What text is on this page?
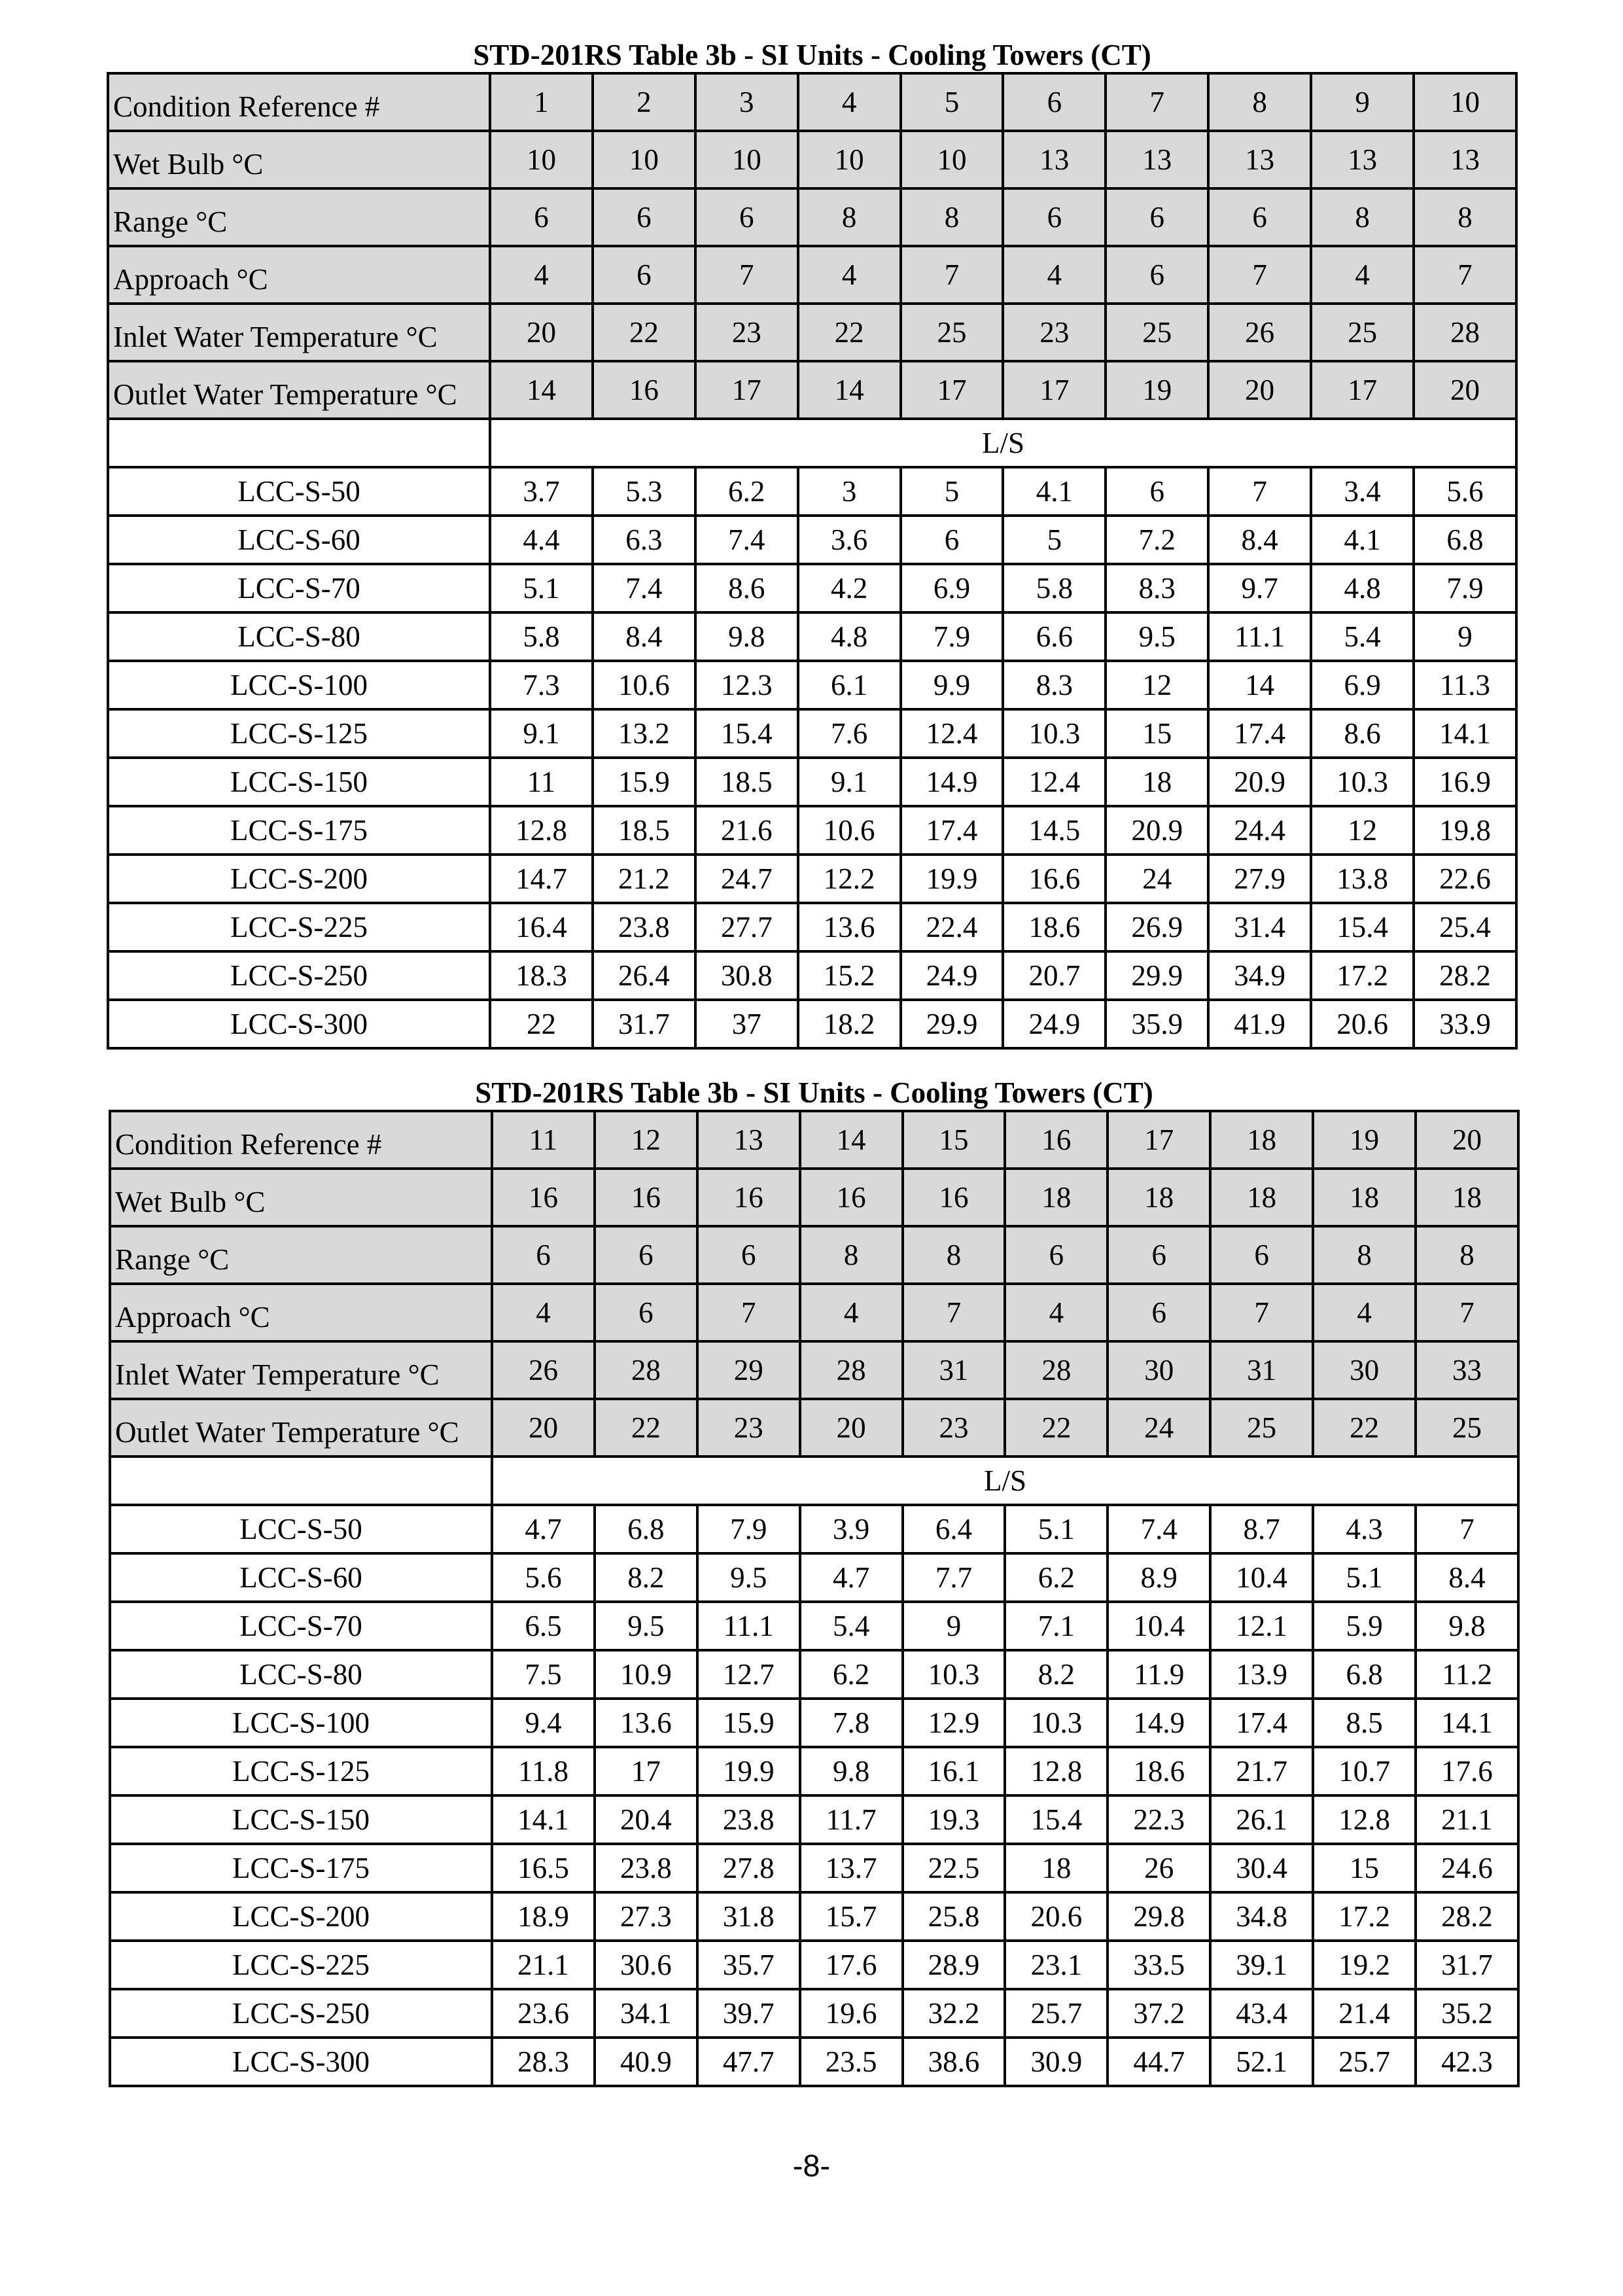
STD-201RS Table 3b - SI Units - Cooling Towers (CT)
Condition Reference #	1	2	3	4	5	6	7	8	9	10
Wet Bulb °C	10	10	10	10	10	13	13	13	13	13
Range °C	6	6	6	8	8	6	6	6	8	8
Approach °C	4	6	7	4	7	4	6	7	4	7
Inlet Water Temperature °C	20	22	23	22	25	23	25	26	25	28
Outlet Water Temperature °C	14	16	17	14	17	17	19	20	17	20
	L/S									
LCC-S-50	3.7	5.3	6.2	3	5	4.1	6	7	3.4	5.6
LCC-S-60	4.4	6.3	7.4	3.6	6	5	7.2	8.4	4.1	6.8
LCC-S-70	5.1	7.4	8.6	4.2	6.9	5.8	8.3	9.7	4.8	7.9
LCC-S-80	5.8	8.4	9.8	4.8	7.9	6.6	9.5	11.1	5.4	9
LCC-S-100	7.3	10.6	12.3	6.1	9.9	8.3	12	14	6.9	11.3
LCC-S-125	9.1	13.2	15.4	7.6	12.4	10.3	15	17.4	8.6	14.1
LCC-S-150	11	15.9	18.5	9.1	14.9	12.4	18	20.9	10.3	16.9
LCC-S-175	12.8	18.5	21.6	10.6	17.4	14.5	20.9	24.4	12	19.8
LCC-S-200	14.7	21.2	24.7	12.2	19.9	16.6	24	27.9	13.8	22.6
LCC-S-225	16.4	23.8	27.7	13.6	22.4	18.6	26.9	31.4	15.4	25.4
LCC-S-250	18.3	26.4	30.8	15.2	24.9	20.7	29.9	34.9	17.2	28.2
LCC-S-300	22	31.7	37	18.2	29.9	24.9	35.9	41.9	20.6	33.9
STD-201RS Table 3b - SI Units - Cooling Towers (CT)
Condition Reference #	11	12	13	14	15	16	17	18	19	20
Wet Bulb °C	16	16	16	16	16	18	18	18	18	18
Range °C	6	6	6	8	8	6	6	6	8	8
Approach °C	4	6	7	4	7	4	6	7	4	7
Inlet Water Temperature °C	26	28	29	28	31	28	30	31	30	33
Outlet Water Temperature °C	20	22	23	20	23	22	24	25	22	25
	L/S									
LCC-S-50	4.7	6.8	7.9	3.9	6.4	5.1	7.4	8.7	4.3	7
LCC-S-60	5.6	8.2	9.5	4.7	7.7	6.2	8.9	10.4	5.1	8.4
LCC-S-70	6.5	9.5	11.1	5.4	9	7.1	10.4	12.1	5.9	9.8
LCC-S-80	7.5	10.9	12.7	6.2	10.3	8.2	11.9	13.9	6.8	11.2
LCC-S-100	9.4	13.6	15.9	7.8	12.9	10.3	14.9	17.4	8.5	14.1
LCC-S-125	11.8	17	19.9	9.8	16.1	12.8	18.6	21.7	10.7	17.6
LCC-S-150	14.1	20.4	23.8	11.7	19.3	15.4	22.3	26.1	12.8	21.1
LCC-S-175	16.5	23.8	27.8	13.7	22.5	18	26	30.4	15	24.6
LCC-S-200	18.9	27.3	31.8	15.7	25.8	20.6	29.8	34.8	17.2	28.2
LCC-S-225	21.1	30.6	35.7	17.6	28.9	23.1	33.5	39.1	19.2	31.7
LCC-S-250	23.6	34.1	39.7	19.6	32.2	25.7	37.2	43.4	21.4	35.2
LCC-S-300	28.3	40.9	47.7	23.5	38.6	30.9	44.7	52.1	25.7	42.3
-8-
